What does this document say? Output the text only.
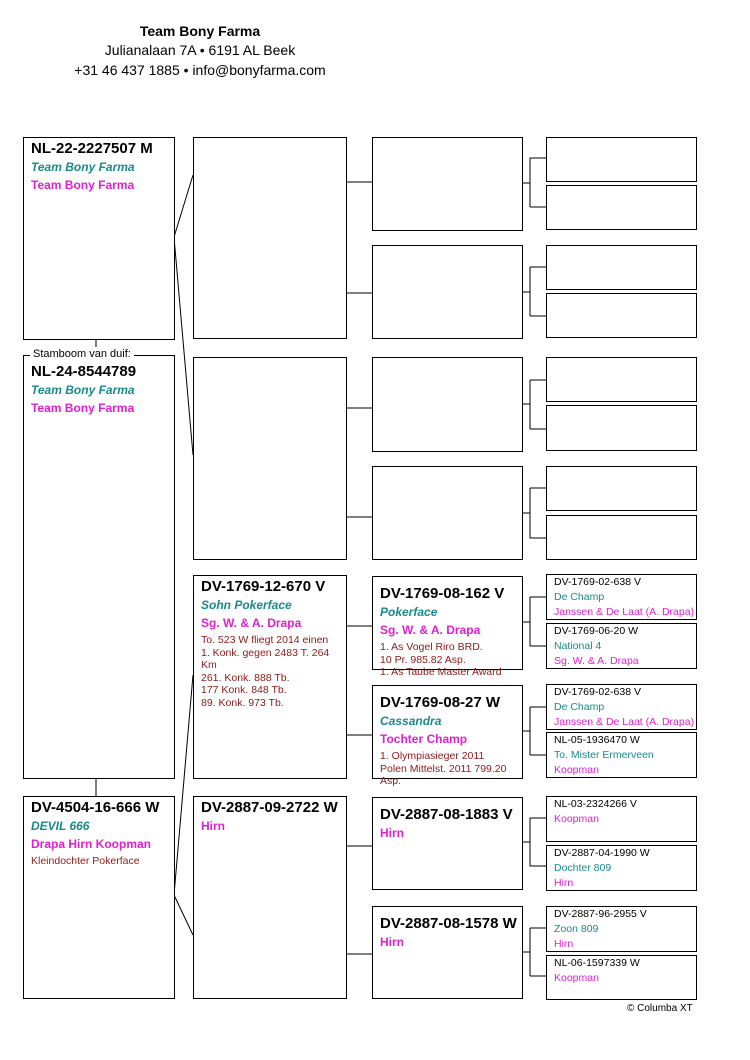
Team Bony Farma
Julianalaan 7A • 6191 AL Beek
+31 46 437 1885 • info@bonyfarma.com
NL-22-2227507 M
Team Bony Farma
Team Bony Farma
NL-24-8544789
Team Bony Farma
Team Bony Farma
Stamboom van duif:
DV-4504-16-666 W
DEVIL 666
Drapa Hirn Koopman
Kleindochter Pokerface
DV-1769-12-670 V
Sohn Pokerface
Sg. W. & A. Drapa
To. 523 W fliegt 2014 einen
1. Konk. gegen 2483 T. 264 Km
261. Konk. 888 Tb.
177 Konk. 848 Tb.
89. Konk. 973 Tb.
DV-2887-09-2722 W
Hirn
DV-1769-08-162 V
Pokerface
Sg. W. & A. Drapa
1. As Vogel Riro BRD.
10 Pr. 985.82 Asp.
1. As Taube Master Award
DV-1769-08-27 W
Cassandra
Tochter Champ
1. Olympiasieger 2011
Polen Mittelst. 2011 799.20
Asp.
DV-2887-08-1883 V
Hirn
DV-2887-08-1578 W
Hirn
DV-1769-02-638 V
De Champ
Janssen & De Laat (A. Drapa)
DV-1769-06-20 W
National 4
Sg. W. & A. Drapa
DV-1769-02-638 V
De Champ
Janssen & De Laat (A. Drapa)
NL-05-1936470 W
To. Mister Ermerveen
Koopman
NL-03-2324266 V
Koopman
DV-2887-04-1990 W
Dochter 809
Hirn
DV-2887-96-2955 V
Zoon 809
Hirn
NL-06-1597339 W
Koopman
© Columba XT
